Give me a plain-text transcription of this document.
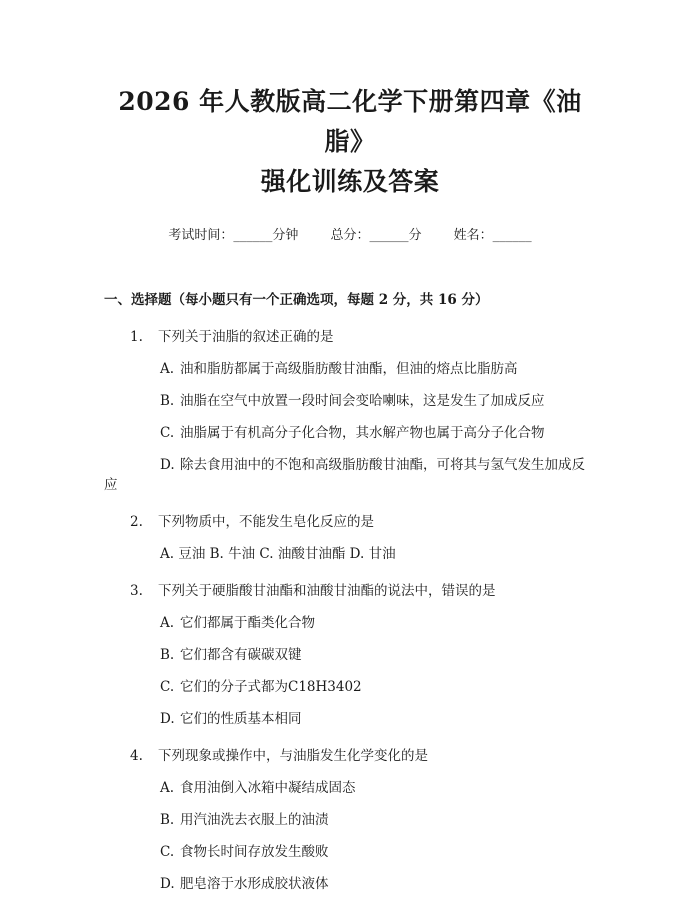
2026 年人教版高二化学下册第四章《油脂》
强化训练及答案
考试时间：______分钟 总分：______分 姓名：______
一、选择题（每小题只有一个正确选项，每题 2 分，共 16 分）
1. 下列关于油脂的叙述正确的是
A. 油和脂肪都属于高级脂肪酸甘油酯，但油的熔点比脂肪高
B. 油脂在空气中放置一段时间会变哈喇味，这是发生了加成反应
C. 油脂属于有机高分子化合物，其水解产物也属于高分子化合物
D. 除去食用油中的不饱和高级脂肪酸甘油酯，可将其与氢气发生加成反应
2. 下列物质中，不能发生皂化反应的是
A. 豆油 B. 牛油 C. 油酸甘油酯 D. 甘油
3. 下列关于硬脂酸甘油酯和油酸甘油酯的说法中，错误的是
A. 它们都属于酯类化合物
B. 它们都含有碳碳双键
C. 它们的分子式都为C18H3402
D. 它们的性质基本相同
4. 下列现象或操作中，与油脂发生化学变化的是
A. 食用油倒入冰箱中凝结成固态
B. 用汽油洗去衣服上的油渍
C. 食物长时间存放发生酸败
D. 肥皂溶于水形成胶状液体
